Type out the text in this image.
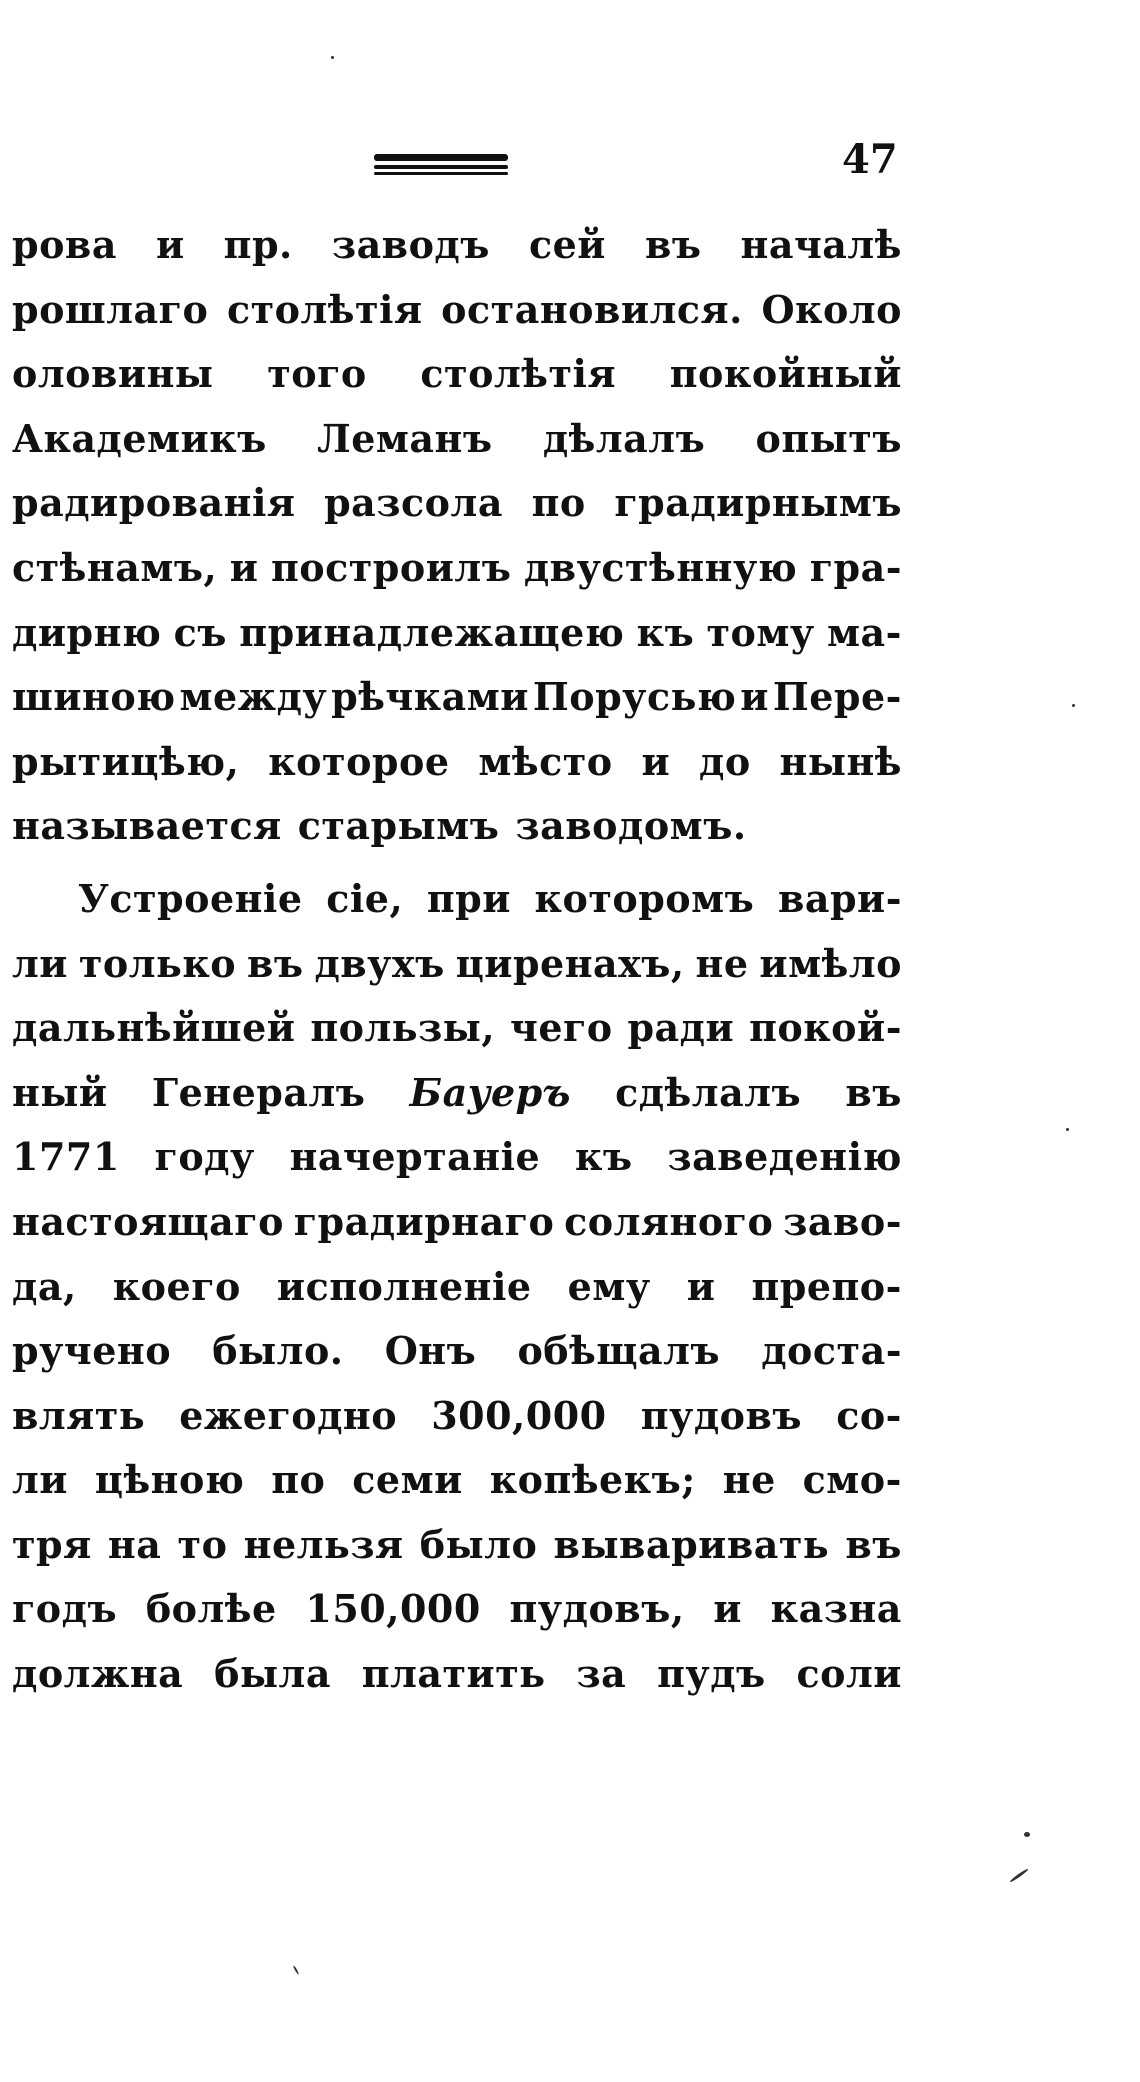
47
рова и пр. заводъ сей въ началѣ
рошлаго столѣтія остановился. Около
оловины того столѣтія покойный
Академикъ Леманъ дѣлалъ опытъ
радированія разсола по градирнымъ
стѣнамъ, и построилъ двустѣнную гра-
дирню съ принадлежащею къ тому ма-
шиною между рѣчками Порусью и Пере-
рытицѣю, которое мѣсто и до нынѣ
называется старымъ заводомъ.
Устроеніе сіе, при которомъ вари-
ли только въ двухъ циренахъ, не имѣло
дальнѣйшей пользы, чего ради покой-
ный Генералъ Бауеръ сдѣлалъ въ
1771 году начертаніе къ заведенію
настоящаго градирнаго соляного заво-
да, коего исполненіе ему и препо-
ручено было. Онъ обѣщалъ доста-
влять ежегодно 300,000 пудовъ со-
ли цѣною по семи копѣекъ; не смо-
тря на то нельзя было вываривать въ
годъ болѣе 150,000 пудовъ, и казна
должна была платить за пудъ соли
